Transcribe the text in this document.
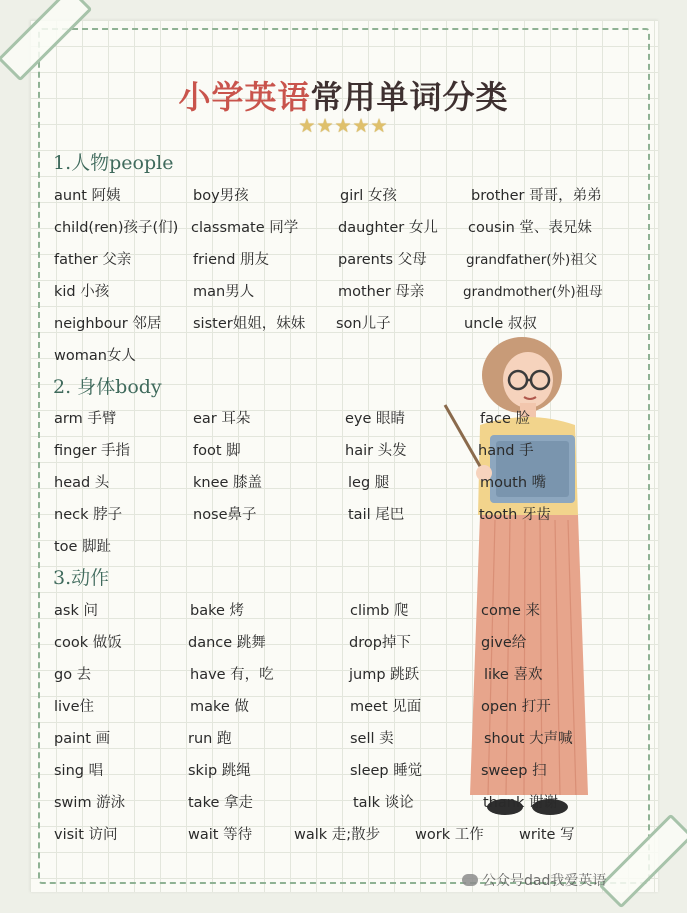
小学英语常用单词分类
★★★★★
1.人物people
2. 身体body
3.动作
aunt 阿姨	boy男孩	girl 女孩	brother 哥哥，弟弟
child(ren)孩子(们) classmate 同学	daughter 女儿 cousin 堂、表兄妹
father 父亲	friend 朋友	parents 父母	grandfather(外)祖父
kid 小孩	man男人	mother 母亲	grandmother(外)祖母
neighbour 邻居 sister姐姐，妹妹 son儿子	uncle 叔叔
woman女人
arm 手臂	ear 耳朵	eye 眼睛	face 脸
finger 手指	foot 脚	hair 头发	hand 手
head 头	knee 膝盖	leg 腿	mouth 嘴
neck 脖子	nose鼻子	tail 尾巴	tooth 牙齿
toe 脚趾
ask 问	bake 烤	climb 爬	come 来
cook 做饭	dance 跳舞	drop掉下	give给
go 去	have 有，吃	jump 跳跃	like 喜欢
live住	make 做	meet 见面	open 打开
paint 画	run 跑	sell 卖	shout 大声喊
sing 唱	skip 跳绳	sleep 睡觉	sweep 扫
swim 游泳	take 拿走	talk 谈论	thank 谢谢
visit 访问	wait 等待	walk 走;散步 work 工作 write 写
公众号dad我爱英语
